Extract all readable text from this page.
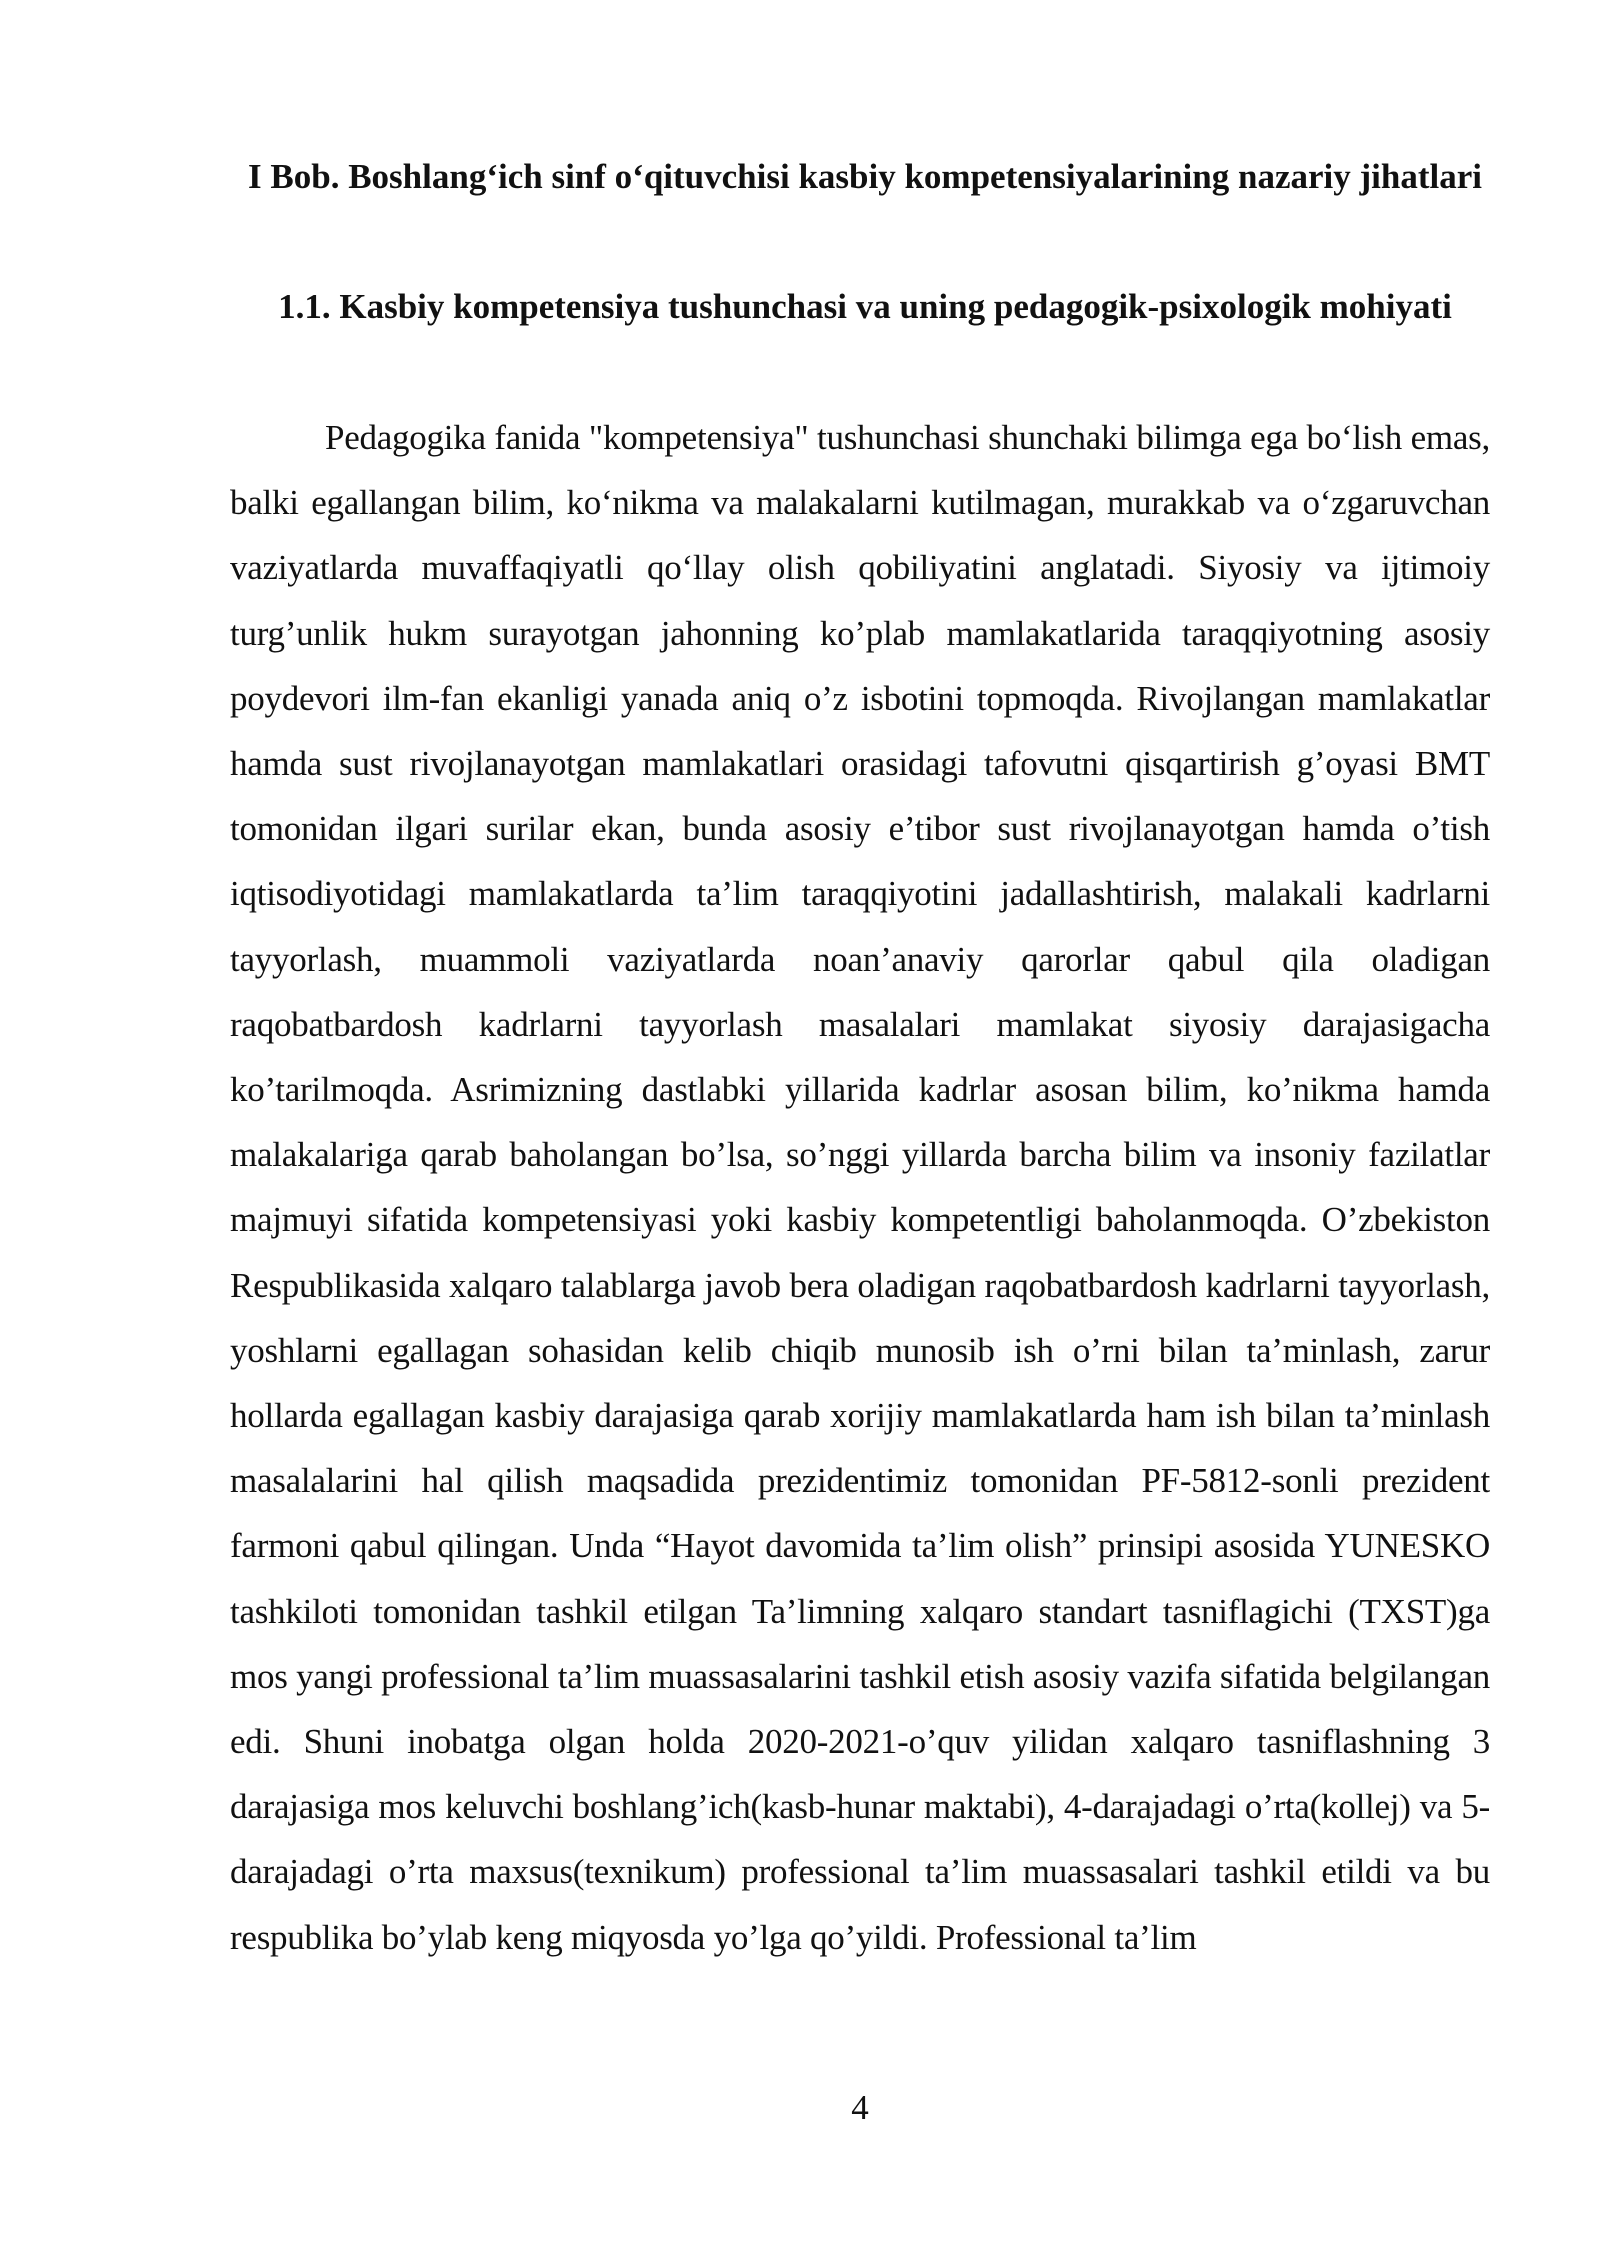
I Bob. Boshlang‘ich sinf o‘qituvchisi kasbiy kompetensiyalarining nazariy jihatlari
1.1. Kasbiy kompetensiya tushunchasi va uning pedagogik-psixologik mohiyati

Pedagogika fanida "kompetensiya" tushunchasi shunchaki bilimga ega bo‘lish emas, balki egallangan bilim, ko‘nikma va malakalarni kutilmagan, murakkab va o‘zgaruvchan vaziyatlarda muvaffaqiyatli qo‘llay olish qobiliyatini anglatadi. Siyosiy va ijtimoiy turg’unlik hukm surayotgan jahonning ko’plab mamlakatlarida taraqqiyotning asosiy poydevori ilm-fan ekanligi yanada aniq o’z isbotini topmoqda. Rivojlangan mamlakatlar hamda sust rivojlanayotgan mamlakatlari orasidagi tafovutni qisqartirish g’oyasi BMT tomonidan ilgari surilar ekan, bunda asosiy e’tibor sust rivojlanayotgan hamda o’tish iqtisodiyotidagi mamlakatlarda ta’lim taraqqiyotini jadallashtirish, malakali kadrlarni tayyorlash, muammoli vaziyatlarda noan’anaviy qarorlar qabul qila oladigan raqobatbardosh kadrlarni tayyorlash masalalari mamlakat siyosiy darajasigacha ko’tarilmoqda. Asrimizning dastlabki yillarida kadrlar asosan bilim, ko’nikma hamda malakalariga qarab baholangan bo’lsa, so’nggi yillarda barcha bilim va insoniy fazilatlar majmuyi sifatida kompetensiyasi yoki kasbiy kompetentligi baholanmoqda. O’zbekiston Respublikasida xalqaro talablarga javob bera oladigan raqobatbardosh kadrlarni tayyorlash, yoshlarni egallagan sohasidan kelib chiqib munosib ish o’rni bilan ta’minlash, zarur hollarda egallagan kasbiy darajasiga qarab xorijiy mamlakatlarda ham ish bilan ta’minlash masalalarini hal qilish maqsadida prezidentimiz tomonidan PF-5812-sonli prezident farmoni qabul qilingan. Unda “Hayot davomida ta’lim olish” prinsipi asosida YUNESKO tashkiloti tomonidan tashkil etilgan Ta’limning xalqaro standart tasniflagichi (TXST)ga mos yangi professional ta’lim muassasalarini tashkil etish asosiy vazifa sifatida belgilangan edi. Shuni inobatga olgan holda 2020-2021-o’quv yilidan xalqaro tasniflashning 3 darajasiga mos keluvchi boshlang’ich(kasb-hunar maktabi), 4-darajadagi o’rta(kollej) va 5-darajadagi o’rta maxsus(texnikum) professional ta’lim muassasalari tashkil etildi va bu respublika bo’ylab keng miqyosda yo’lga qo’yildi. Professional ta’lim

4
